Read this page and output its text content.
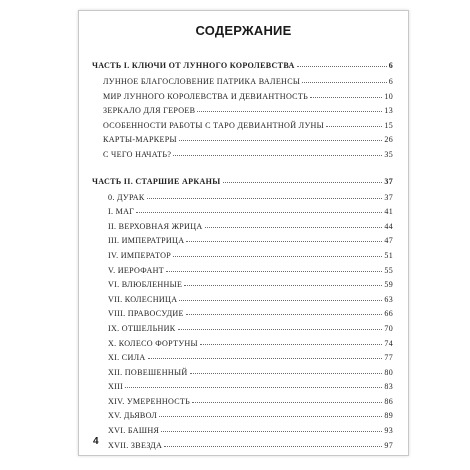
СОДЕРЖАНИЕ
ЧАСТЬ I. КЛЮЧИ ОТ ЛУННОГО КОРОЛЕВСТВА	6
ЛУННОЕ БЛАГОСЛОВЕНИЕ ПАТРИКА ВАЛЕНСЫ	6
МИР ЛУННОГО КОРОЛЕВСТВА И ДЕВИАНТНОСТЬ	10
ЗЕРКАЛО ДЛЯ ГЕРОЕВ	13
ОСОБЕННОСТИ РАБОТЫ С ТАРО ДЕВИАНТНОЙ ЛУНЫ	15
КАРТЫ-МАРКЕРЫ	26
С ЧЕГО НАЧАТЬ?	35
ЧАСТЬ II. СТАРШИЕ АРКАНЫ	37
0. ДУРАК	37
I. МАГ	41
II. ВЕРХОВНАЯ ЖРИЦА	44
III. ИМПЕРАТРИЦА	47
IV. ИМПЕРАТОР	51
V. ИЕРОФАНТ	55
VI. ВЛЮБЛЕННЫЕ	59
VII. КОЛЕСНИЦА	63
VIII. ПРАВОСУДИЕ	66
IX. ОТШЕЛЬНИК	70
X. КОЛЕСО ФОРТУНЫ	74
XI. СИЛА	77
XII. ПОВЕШЕННЫЙ	80
XIII	83
XIV. УМЕРЕННОСТЬ	86
XV. ДЬЯВОЛ	89
XVI. БАШНЯ	93
XVII. ЗВЕЗДА	97
4
